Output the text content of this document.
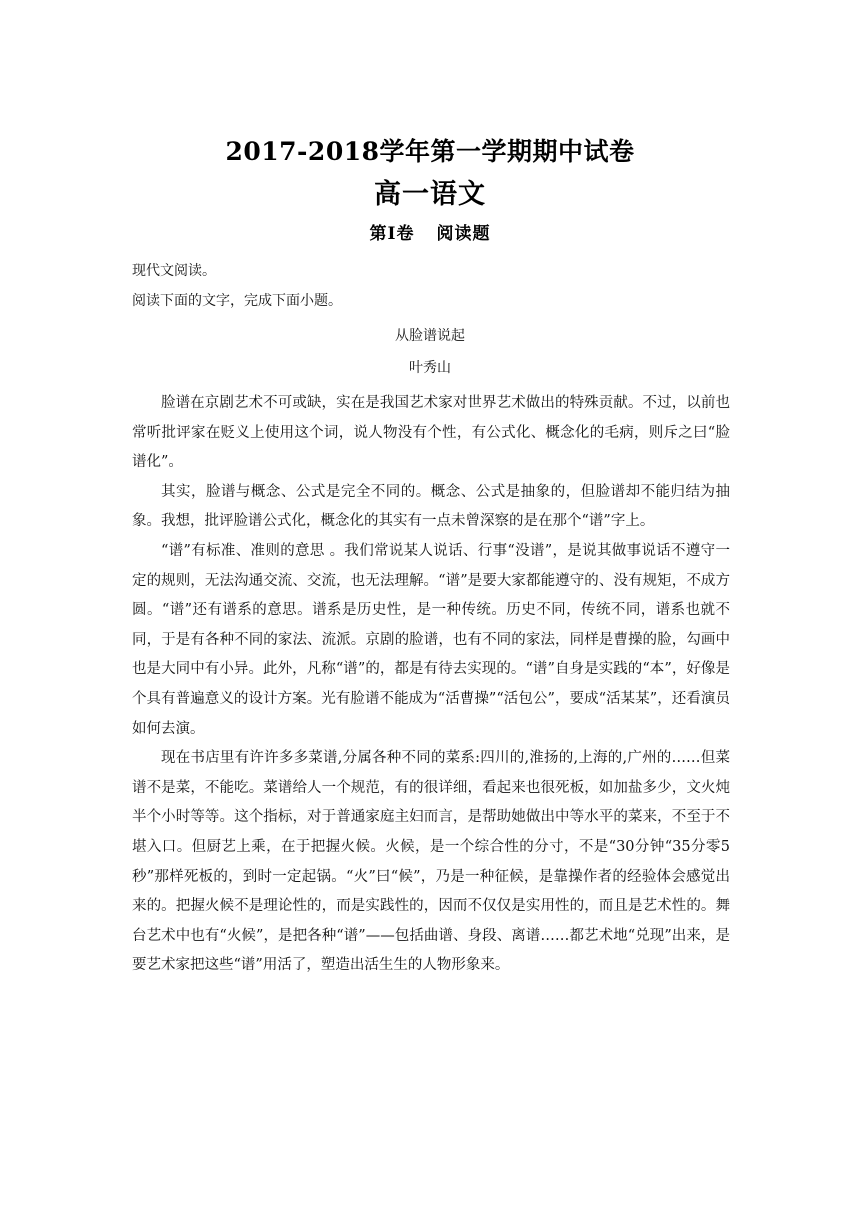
2017-2018学年第一学期期中试卷
高一语文
第I卷 阅读题
现代文阅读。
阅读下面的文字，完成下面小题。
从脸谱说起
叶秀山

脸谱在京剧艺术不可或缺，实在是我国艺术家对世界艺术做出的特殊贡献。不过，以前也常听批评家在贬义上使用这个词，说人物没有个性，有公式化、概念化的毛病，则斥之曰“脸谱化”。

其实，脸谱与概念、公式是完全不同的。概念、公式是抽象的，但脸谱却不能归结为抽象。我想，批评脸谱公式化，概念化的其实有一点未曾深察的是在那个“谱”字上。

“谱”有标准、准则的意思 。我们常说某人说话、行事“没谱”，是说其做事说话不遵守一定的规则，无法沟通交流、交流，也无法理解。“谱”是要大家都能遵守的、没有规矩，不成方圆。“谱”还有谱系的意思。谱系是历史性，是一种传统。历史不同，传统不同，谱系也就不同，于是有各种不同的家法、流派。京剧的脸谱，也有不同的家法，同样是曹操的脸，勾画中也是大同中有小异。此外，凡称“谱”的，都是有待去实现的。“谱”自身是实践的“本”，好像是个具有普遍意义的设计方案。光有脸谱不能成为“活曹操”“活包公”，要成“活某某”，还看演员如何去演。

现在书店里有许许多多菜谱,分属各种不同的菜系:四川的,淮扬的,上海的,广州的……但菜谱不是菜，不能吃。菜谱给人一个规范，有的很详细，看起来也很死板，如加盐多少，文火炖半个小时等等。这个指标，对于普通家庭主妇而言，是帮助她做出中等水平的菜来，不至于不堪入口。但厨艺上乘，在于把握火候。火候，是一个综合性的分寸，不是“30分钟“35分零5秒”那样死板的，到时一定起锅。“火”曰“候”，乃是一种征候，是靠操作者的经验体会感觉出来的。把握火候不是理论性的，而是实践性的，因而不仅仅是实用性的，而且是艺术性的。舞台艺术中也有“火候”，是把各种“谱”——包括曲谱、身段、离谱……都艺术地“兑现”出来，是要艺术家把这些“谱”用活了，塑造出活生生的人物形象来。
